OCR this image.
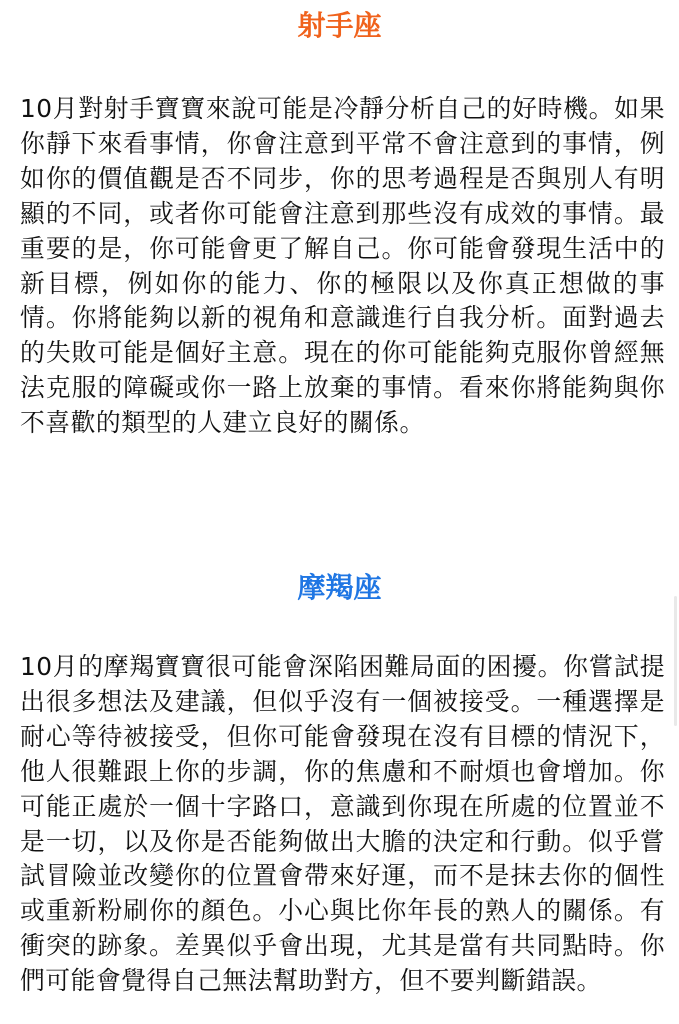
射手座

10月對射手寶寶來說可能是冷靜分析自己的好時機。如果你靜下來看事情，你會注意到平常不會注意到的事情，例如你的價值觀是否不同步，你的思考過程是否與別人有明顯的不同，或者你可能會注意到那些沒有成效的事情。最重要的是，你可能會更了解自己。你可能會發現生活中的新目標，例如你的能力、你的極限以及你真正想做的事情。你將能夠以新的視角和意識進行自我分析。面對過去的失敗可能是個好主意。現在的你可能能夠克服你曾經無法克服的障礙或你一路上放棄的事情。看來你將能夠與你不喜歡的類型的人建立良好的關係。

摩羯座

10月的摩羯寶寶很可能會深陷困難局面的困擾。你嘗試提出很多想法及建議，但似乎沒有一個被接受。一種選擇是耐心等待被接受，但你可能會發現在沒有目標的情況下，他人很難跟上你的步調，你的焦慮和不耐煩也會增加。你可能正處於一個十字路口，意識到你現在所處的位置並不是一切，以及你是否能夠做出大膽的決定和行動。似乎嘗試冒險並改變你的位置會帶來好運，而不是抹去你的個性或重新粉刷你的顏色。小心與比你年長的熟人的關係。有衝突的跡象。差異似乎會出現，尤其是當有共同點時。你們可能會覺得自己無法幫助對方，但不要判斷錯誤。
